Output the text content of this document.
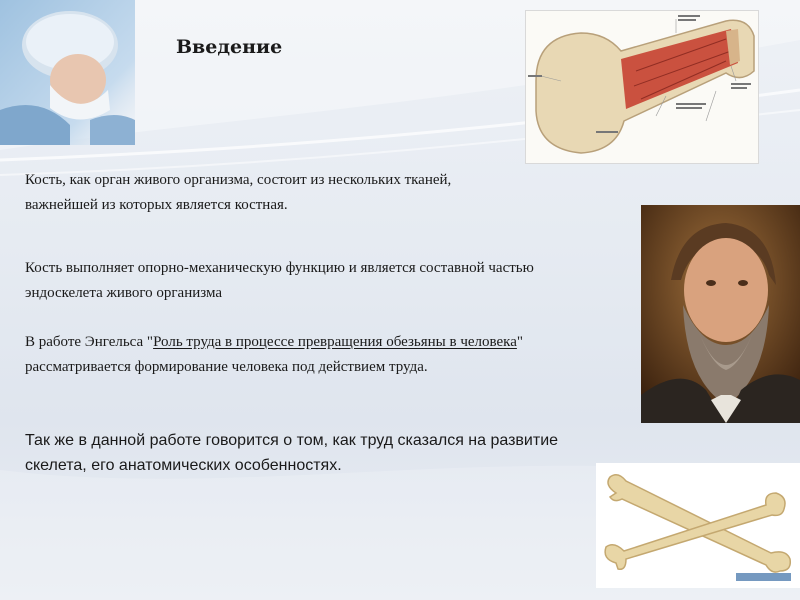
Введение

Кость, как орган живого организма, состоит из нескольких тканей, важнейшей из которых является костная.

Кость выполняет опорно-механическую функцию и является составной частью эндоскелета живого организма

В работе Энгельса "Роль труда в процессе превращения обезьяны в человека" рассматривается формирование человека под действием труда.

Так же в данной работе говорится о том, как труд сказался на развитие скелета, его анатомических особенностях.
